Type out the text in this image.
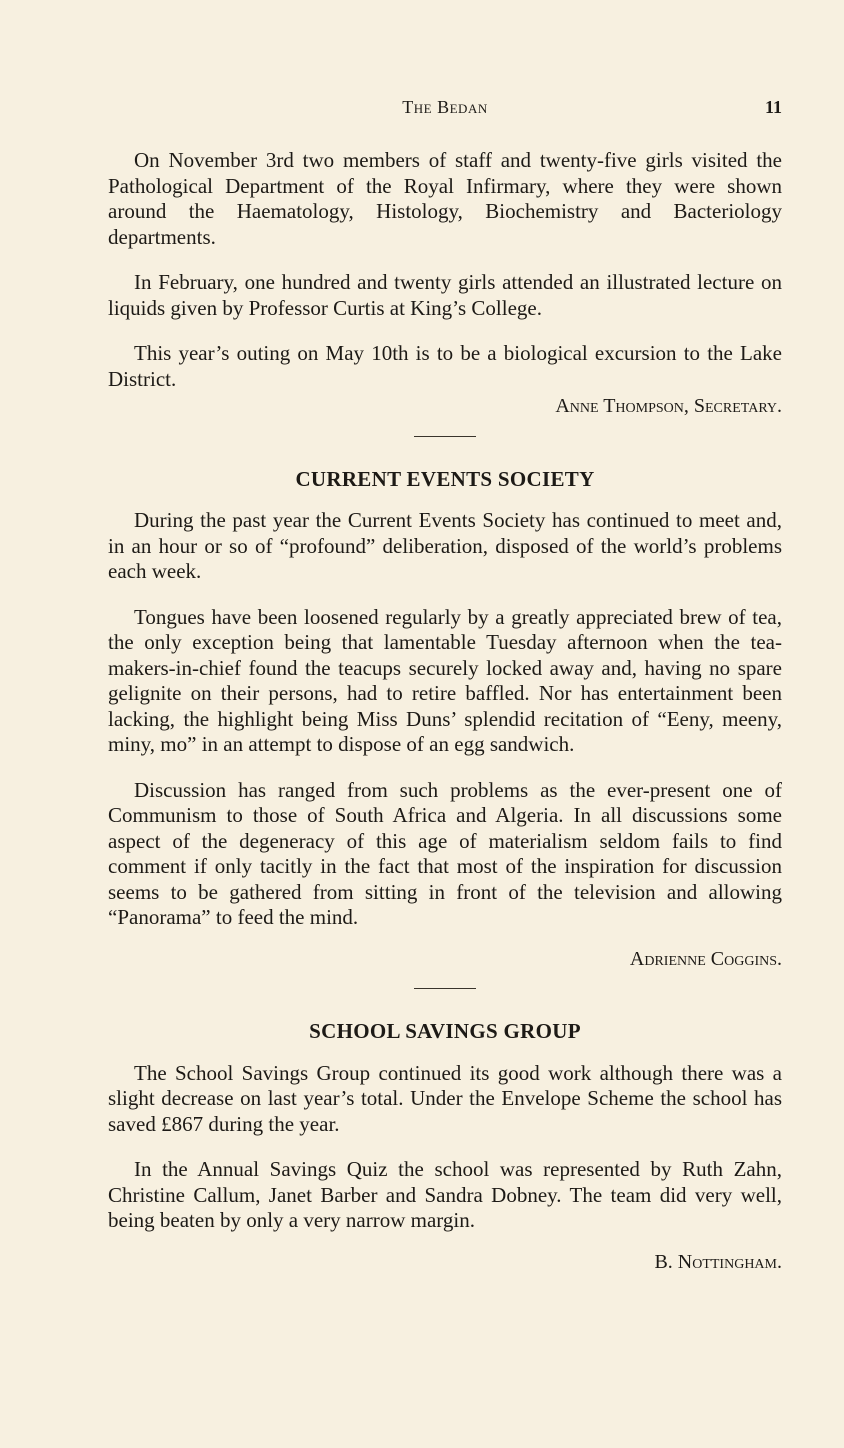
The Bedan	11

On November 3rd two members of staff and twenty-five girls visited the Pathological Department of the Royal Infirmary, where they were shown around the Haematology, Histology, Biochemistry and Bacteriology departments.

In February, one hundred and twenty girls attended an illustrated lecture on liquids given by Professor Curtis at King’s College.

This year’s outing on May 10th is to be a biological excursion to the Lake District.

Anne Thompson, Secretary.

CURRENT EVENTS SOCIETY

During the past year the Current Events Society has continued to meet and, in an hour or so of “profound” deliberation, disposed of the world’s problems each week.

Tongues have been loosened regularly by a greatly appreciated brew of tea, the only exception being that lamentable Tuesday afternoon when the tea-makers-in-chief found the teacups securely locked away and, having no spare gelignite on their persons, had to retire baffled. Nor has entertainment been lacking, the highlight being Miss Duns’ splendid recitation of “Eeny, meeny, miny, mo” in an attempt to dispose of an egg sandwich.

Discussion has ranged from such problems as the ever-present one of Communism to those of South Africa and Algeria. In all discussions some aspect of the degeneracy of this age of materialism seldom fails to find comment if only tacitly in the fact that most of the inspiration for discussion seems to be gathered from sitting in front of the television and allowing “Panorama” to feed the mind.

Adrienne Coggins.

SCHOOL SAVINGS GROUP

The School Savings Group continued its good work although there was a slight decrease on last year’s total. Under the Envelope Scheme the school has saved £867 during the year.

In the Annual Savings Quiz the school was represented by Ruth Zahn, Christine Callum, Janet Barber and Sandra Dobney. The team did very well, being beaten by only a very narrow margin.

B. Nottingham.
